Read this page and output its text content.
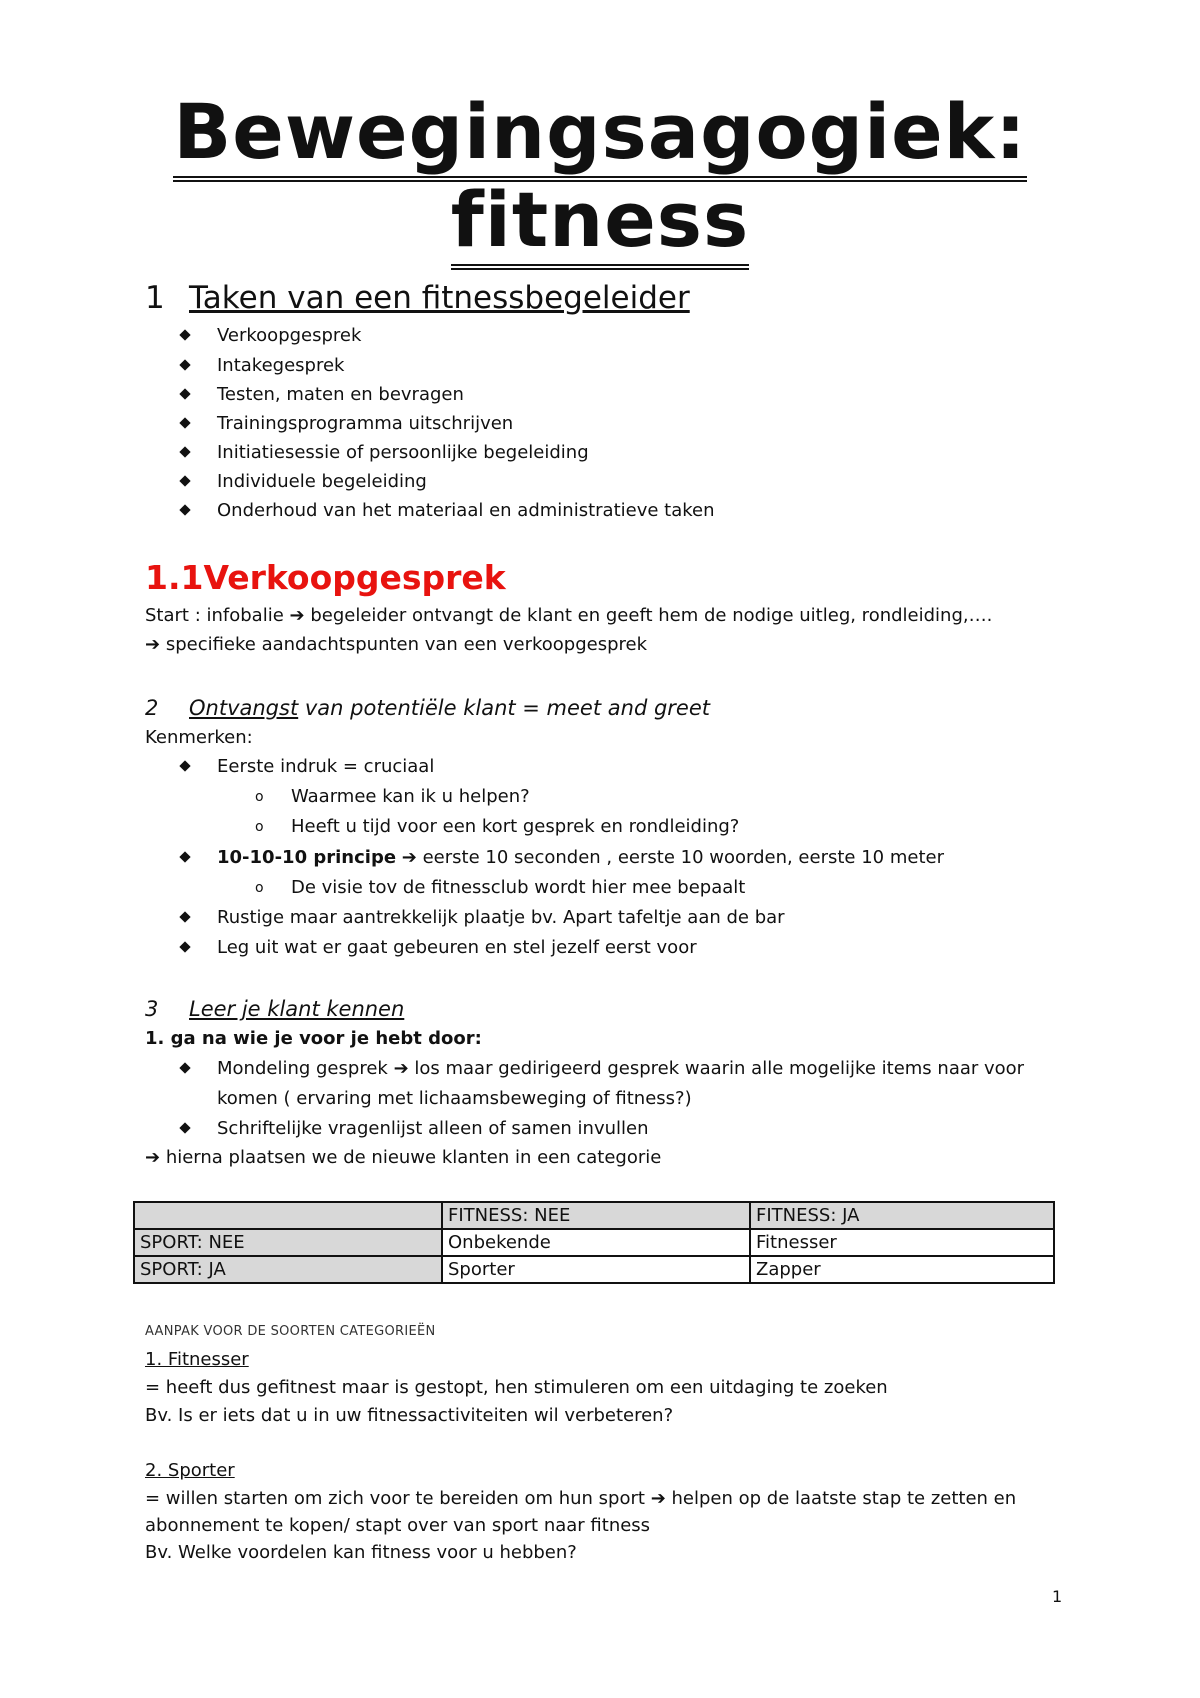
Bewegingsagogiek:
fitness
1 Taken van een fitnessbegeleider
Verkoopgesprek
Intakegesprek
Testen, maten en bevragen
Trainingsprogramma uitschrijven
Initiatiesessie of persoonlijke begeleiding
Individuele begeleiding
Onderhoud van het materiaal en administratieve taken
1.1Verkoopgesprek
Start : infobalie ➔ begeleider ontvangt de klant en geeft hem de nodige uitleg, rondleiding,….
➔ specifieke aandachtspunten van een verkoopgesprek
2 Ontvangst van potentiële klant = meet and greet
Kenmerken:
Eerste indruk = cruciaal
o Waarmee kan ik u helpen?
o Heeft u tijd voor een kort gesprek en rondleiding?
10-10-10 principe ➔ eerste 10 seconden , eerste 10 woorden, eerste 10 meter
o De visie tov de fitnessclub wordt hier mee bepaalt
Rustige maar aantrekkelijk plaatje bv. Apart tafeltje aan de bar
Leg uit wat er gaat gebeuren en stel jezelf eerst voor
3 Leer je klant kennen
1. ga na wie je voor je hebt door:
Mondeling gesprek ➔ los maar gedirigeerd gesprek waarin alle mogelijke items naar voor
komen ( ervaring met lichaamsbeweging of fitness?)
Schriftelijke vragenlijst alleen of samen invullen
➔ hierna plaatsen we de nieuwe klanten in een categorie
	FITNESS: NEE	FITNESS: JA
SPORT: NEE	Onbekende	Fitnesser
SPORT: JA	Sporter	Zapper
AANPAK VOOR DE SOORTEN CATEGORIEËN
1. Fitnesser
= heeft dus gefitnest maar is gestopt, hen stimuleren om een uitdaging te zoeken
Bv. Is er iets dat u in uw fitnessactiviteiten wil verbeteren?
2. Sporter
= willen starten om zich voor te bereiden om hun sport ➔ helpen op de laatste stap te zetten en
abonnement te kopen/ stapt over van sport naar fitness
Bv. Welke voordelen kan fitness voor u hebben?
1
